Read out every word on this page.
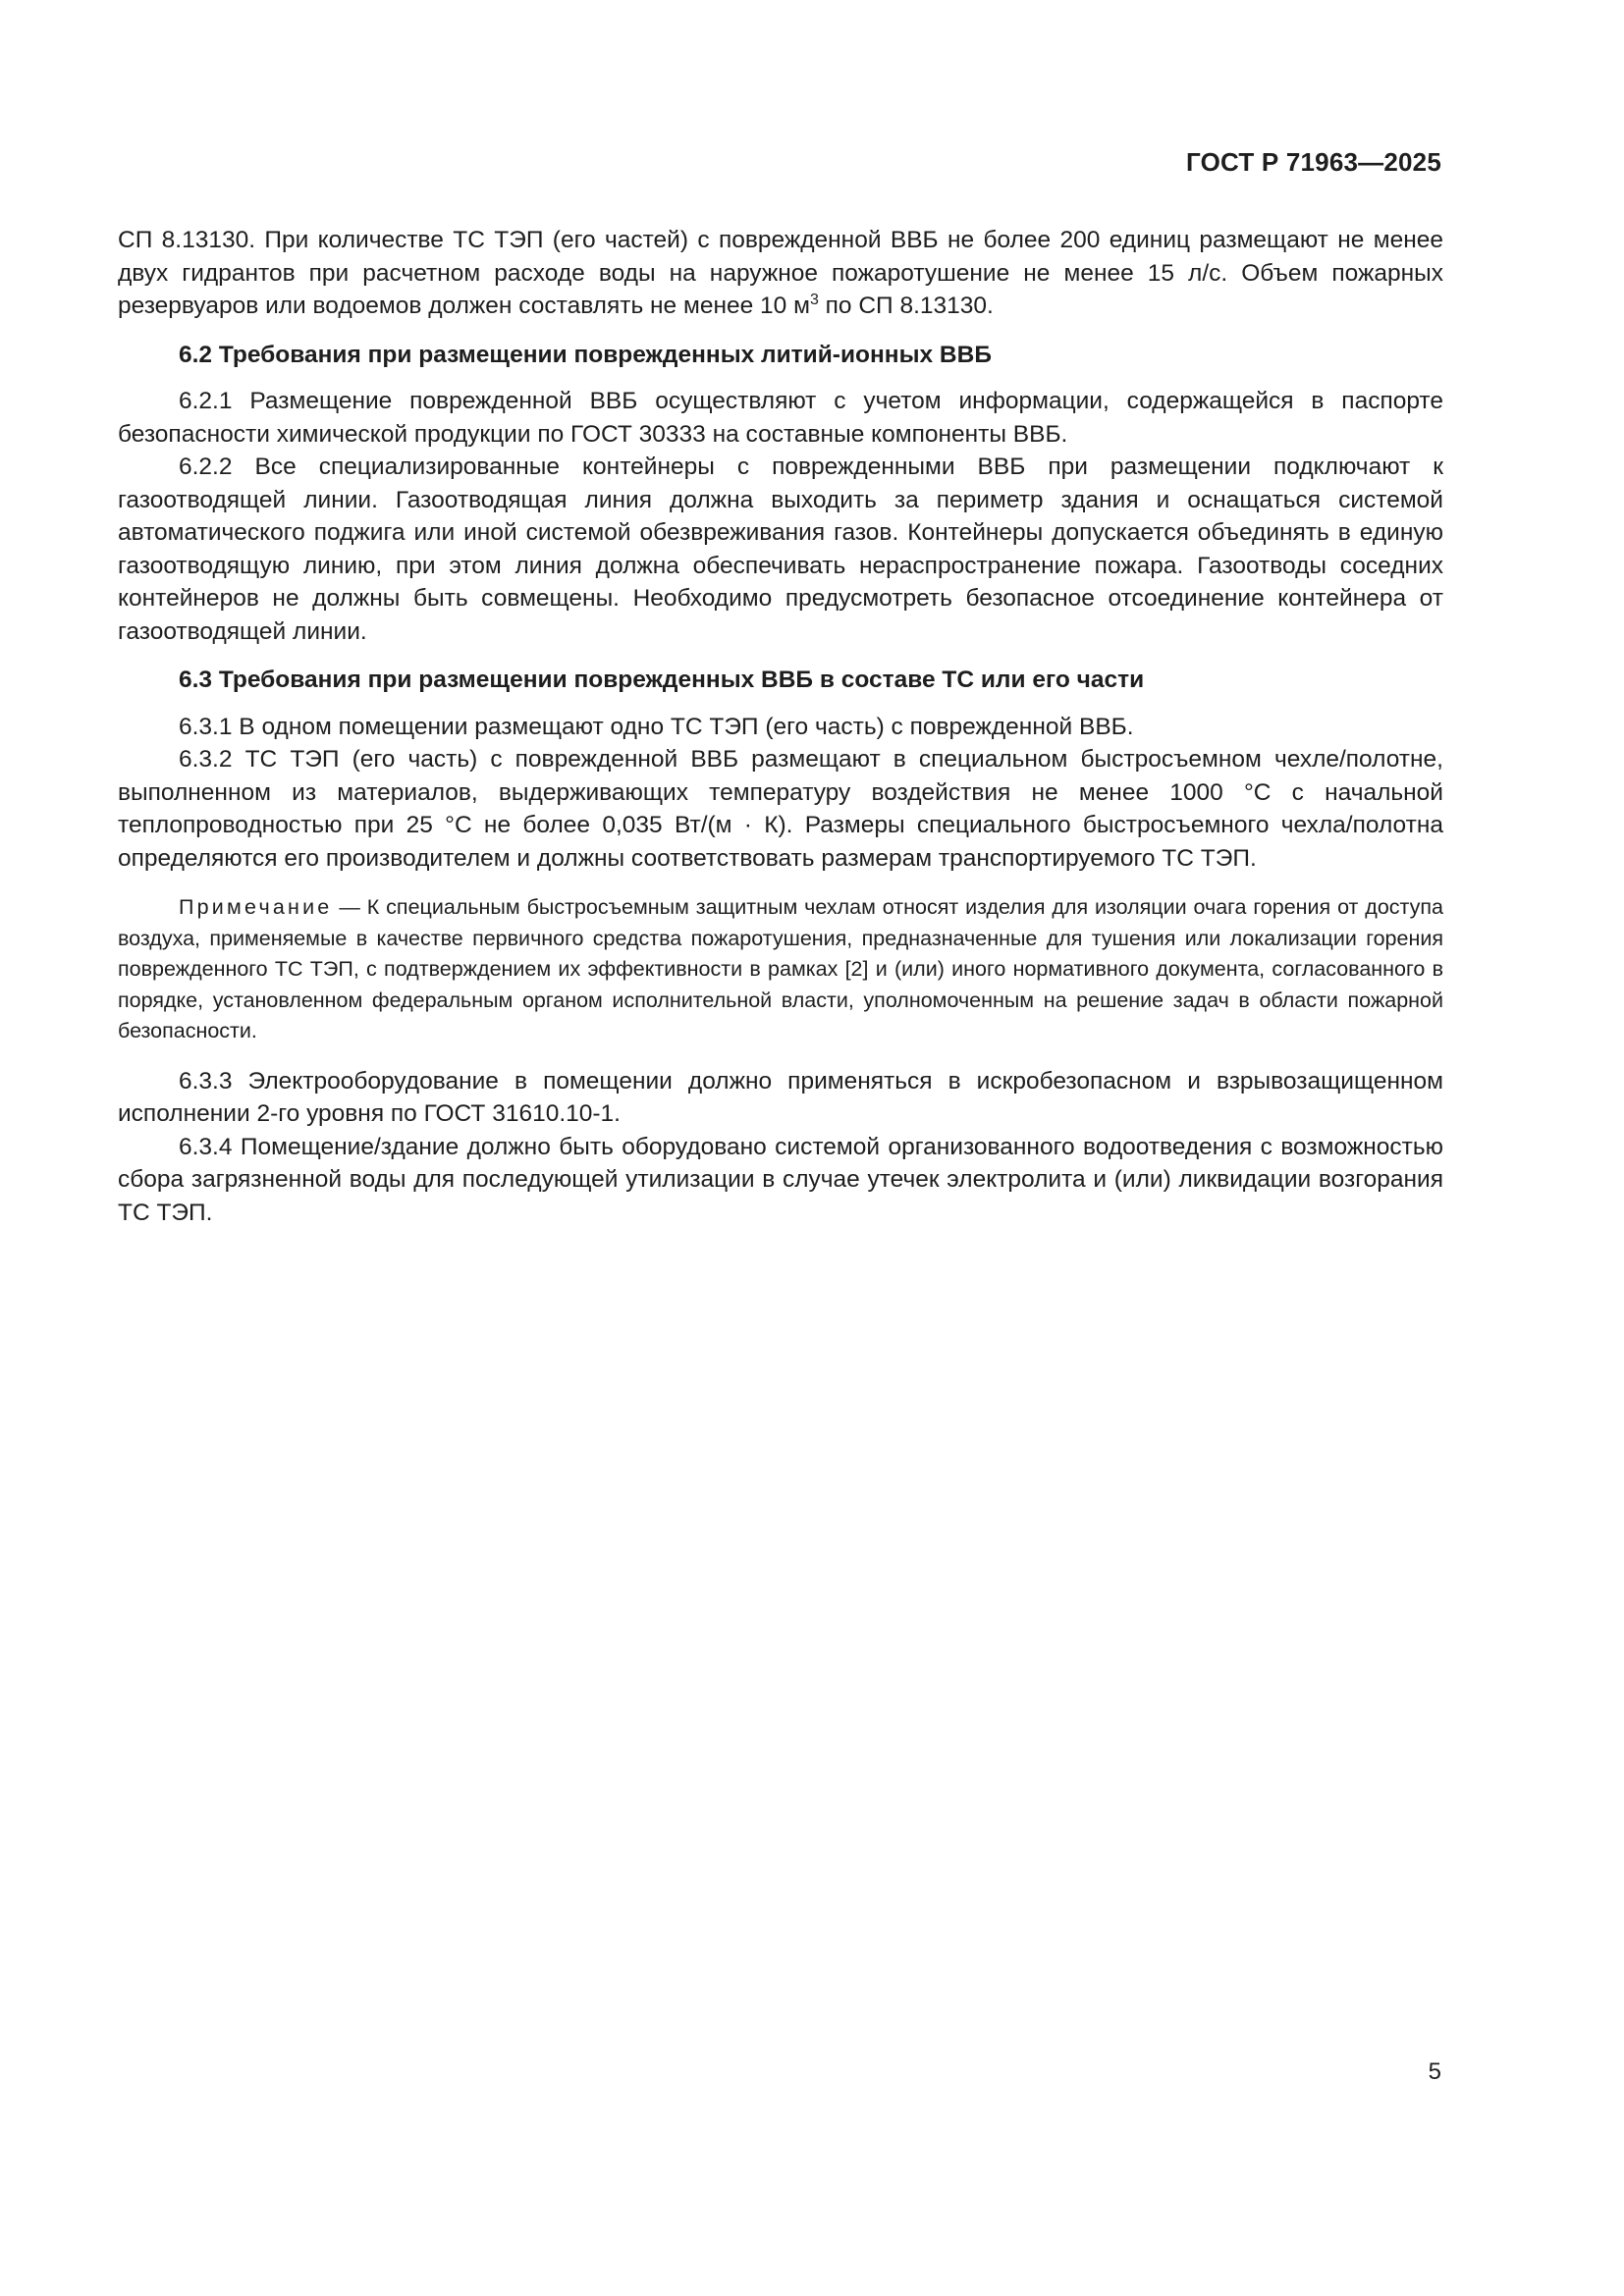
ГОСТ Р 71963—2025

СП 8.13130. При количестве ТС ТЭП (его частей) с поврежденной ВВБ не более 200 единиц размещают не менее двух гидрантов при расчетном расходе воды на наружное пожаротушение не менее 15 л/с. Объем пожарных резервуаров или водоемов должен составлять не менее 10 $м^3$ по СП 8.13130.

6.2 Требования при размещении поврежденных литий-ионных ВВБ

6.2.1 Размещение поврежденной ВВБ осуществляют с учетом информации, содержащейся в паспорте безопасности химической продукции по ГОСТ 30333 на составные компоненты ВВБ.

6.2.2 Все специализированные контейнеры с поврежденными ВВБ при размещении подключают к газоотводящей линии. Газоотводящая линия должна выходить за периметр здания и оснащаться системой автоматического поджига или иной системой обезвреживания газов. Контейнеры допускается объединять в единую газоотводящую линию, при этом линия должна обеспечивать нераспространение пожара. Газоотводы соседних контейнеров не должны быть совмещены. Необходимо предусмотреть безопасное отсоединение контейнера от газоотводящей линии.

6.3 Требования при размещении поврежденных ВВБ в составе ТС или его части

6.3.1 В одном помещении размещают одно ТС ТЭП (его часть) с поврежденной ВВБ.

6.3.2 ТС ТЭП (его часть) с поврежденной ВВБ размещают в специальном быстросъемном чехле/полотне, выполненном из материалов, выдерживающих температуру воздействия не менее 1000 °С с начальной теплопроводностью при 25 °С не более 0,035 Вт/(м · К). Размеры специального быстросъемного чехла/полотна определяются его производителем и должны соответствовать размерам транспортируемого ТС ТЭП.

Примечание — К специальным быстросъемным защитным чехлам относят изделия для изоляции очага горения от доступа воздуха, применяемые в качестве первичного средства пожаротушения, предназначенные для тушения или локализации горения поврежденного ТС ТЭП, с подтверждением их эффективности в рамках [2] и (или) иного нормативного документа, согласованного в порядке, установленном федеральным органом исполнительной власти, уполномоченным на решение задач в области пожарной безопасности.

6.3.3 Электрооборудование в помещении должно применяться в искробезопасном и взрывозащищенном исполнении 2-го уровня по ГОСТ 31610.10-1.

6.3.4 Помещение/здание должно быть оборудовано системой организованного водоотведения с возможностью сбора загрязненной воды для последующей утилизации в случае утечек электролита и (или) ликвидации возгорания ТС ТЭП.

5
